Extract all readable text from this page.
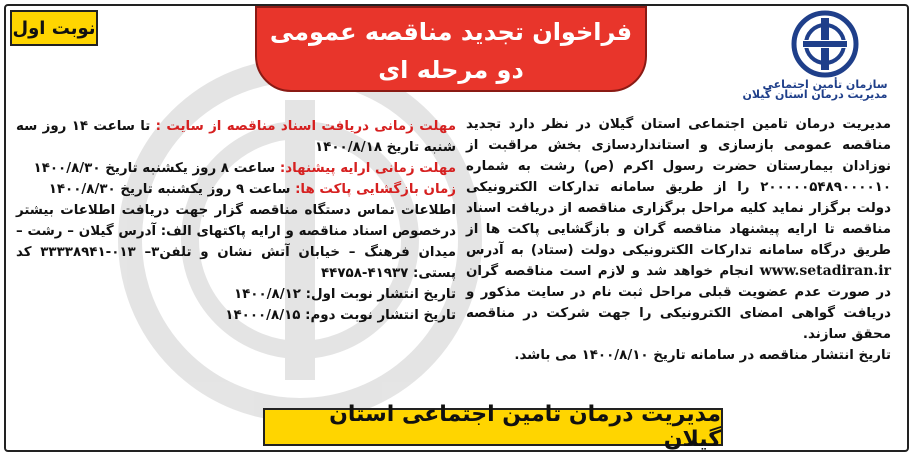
نوبت اول	فراخوان تجدید مناقصه عمومی
دو مرحله ای
سازمان تأمین اجتماعی
مدیریت درمان استان گیلان

مدیریت درمان تامین اجتماعی استان گیلان در نظر دارد تجدید مناقصه عمومی بازسازی و استاندارد‌سازی بخش مراقبت از نوزادان بیمارستان حضرت رسول اکرم (ص) رشت به شماره ۲۰۰۰۰۰۵۴۸۹۰۰۰۰۱۰ را از طریق سامانه تدارکات الکترونیکی دولت برگزار نماید کلیه مراحل برگزاری مناقصه از دریافت اسناد مناقصه تا ارایه پیشنهاد مناقصه گران و بازگشایی پاکت ها از طریق درگاه سامانه تدارکات الکترونیکی دولت (ستاد) به آدرس www.setadiran.ir انجام خواهد شد و لازم است مناقصه گران در صورت عدم عضویت قبلی مراحل ثبت نام در سایت مذکور و دریافت گواهی امضای الکترونیکی را جهت شرکت در مناقصه محقق سازند.

تاریخ انتشار مناقصه در سامانه تاریخ ۱۴۰۰/۸/۱۰ می باشد.

مهلت زمانی دریافت اسناد مناقصه از سایت : تا ساعت ۱۴ روز سه شنبه تاریخ ۱۴۰۰/۸/۱۸

مهلت زمانی ارایه پیشنهاد: ساعت ۸ روز یکشنبه تاریخ ۱۴۰۰/۸/۳۰

زمان بازگشایی پاکت ها: ساعت ۹ روز یکشنبه تاریخ ۱۴۰۰/۸/۳۰

اطلاعات تماس دستگاه مناقصه گزار جهت دریافت اطلاعات بیشتر درخصوص اسناد مناقصه و ارایه پاکتهای الف: آدرس گیلان – رشت – میدان فرهنگ – خیابان آتش نشان و تلفن۳– ۰۱۳-۳۳۳۳۸۹۴۱ کد پستی: ۴۱۹۳۷-۴۴۷۵۸

تاریخ انتشار نوبت اول: ۱۴۰۰/۸/۱۲

تاریخ انتشار نوبت دوم: ۱۴۰۰۰/۸/۱۵

مدیریت درمان تامین اجتماعی استان گیلان
